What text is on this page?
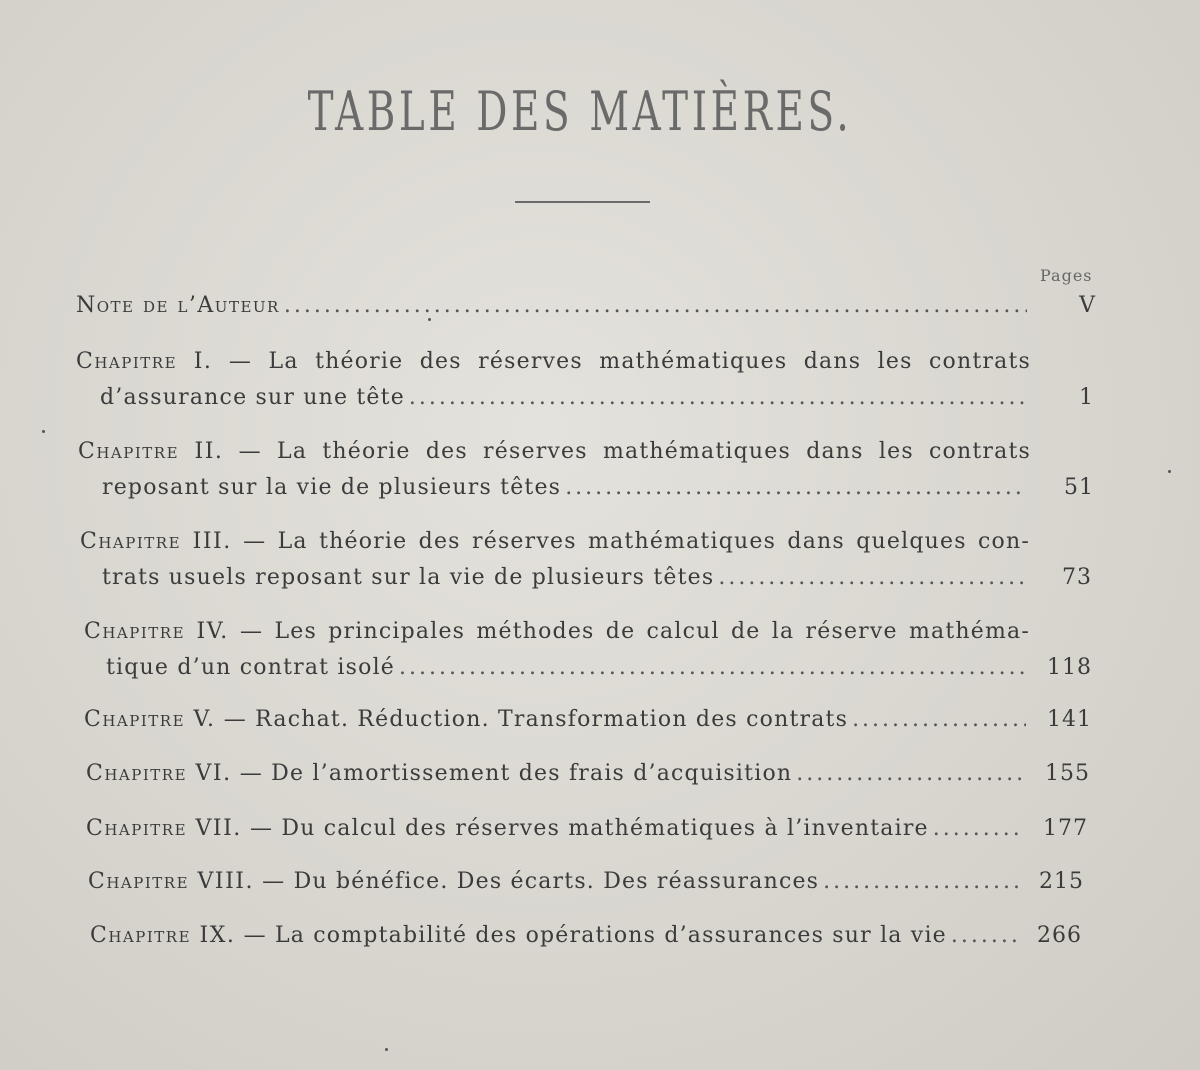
TABLE DES MATIÈRES.
Pages
Note de l’Auteur .....	V
Chapitre I. — La théorie des réserves mathématiques dans les contrats
d’assurance sur une tête .....	1
Chapitre II. — La théorie des réserves mathématiques dans les contrats
reposant sur la vie de plusieurs têtes .....	51
Chapitre III. — La théorie des réserves mathématiques dans quelques con-
trats usuels reposant sur la vie de plusieurs têtes .....	73
Chapitre IV. — Les principales méthodes de calcul de la réserve mathéma-
tique d’un contrat isolé .....	118
Chapitre V. — Rachat. Réduction. Transformation des contrats .....	141
Chapitre VI. — De l’amortissement des frais d’acquisition .....	155
Chapitre VII. — Du calcul des réserves mathématiques à l’inventaire .....	177
Chapitre VIII. — Du bénéfice. Des écarts. Des réassurances .....	215
Chapitre IX. — La comptabilité des opérations d’assurances sur la vie .....	266
